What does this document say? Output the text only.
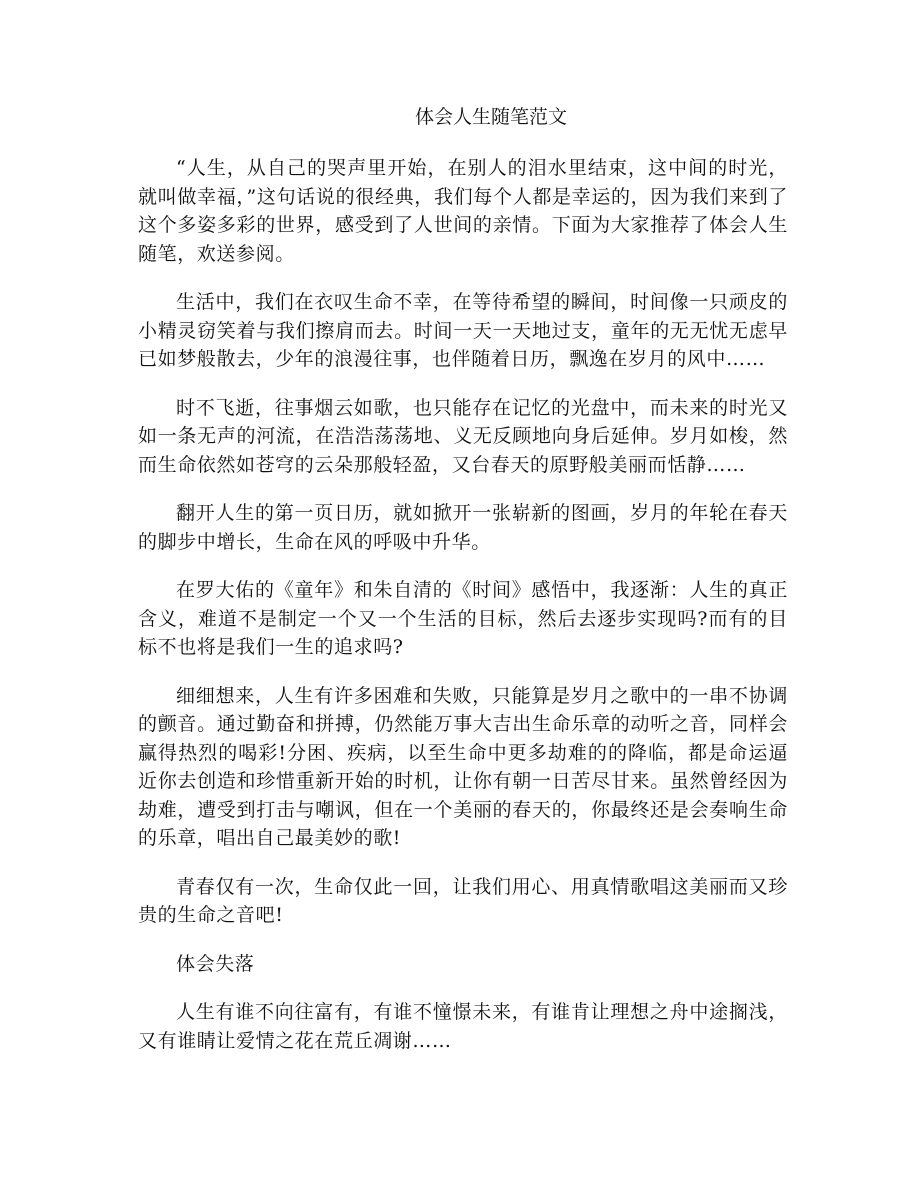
体会人生随笔范文

“人生，从自己的哭声里开始，在别人的泪水里结束，这中间的时光，就叫做幸福，”这句话说的很经典，我们每个人都是幸运的，因为我们来到了这个多姿多彩的世界，感受到了人世间的亲情。下面为大家推荐了体会人生随笔，欢送参阅。

生活中，我们在衣叹生命不幸，在等待希望的瞬间，时间像一只顽皮的小精灵窃笑着与我们擦肩而去。时间一天一天地过支，童年的无无忧无虑早已如梦般散去，少年的浪漫往事，也伴随着日历，飘逸在岁月的风中……

时不飞逝，往事烟云如歌，也只能存在记忆的光盘中，而未来的时光又如一条无声的河流，在浩浩荡荡地、义无反顾地向身后延伸。岁月如梭，然而生命依然如苍穹的云朵那般轻盈，又台春天的原野般美丽而恬静……

翻开人生的第一页日历，就如掀开一张崭新的图画，岁月的年轮在春天的脚步中增长，生命在风的呼吸中升华。

在罗大佑的《童年》和朱自清的《时间》感悟中，我逐渐：人生的真正含义，难道不是制定一个又一个生活的目标，然后去逐步实现吗?而有的目标不也将是我们一生的追求吗?

细细想来，人生有许多困难和失败，只能算是岁月之歌中的一串不协调的颤音。通过勤奋和拼搏，仍然能万事大吉出生命乐章的动听之音，同样会赢得热烈的喝彩!分困、疾病，以至生命中更多劫难的的降临，都是命运逼近你去创造和珍惜重新开始的时机，让你有朝一日苦尽甘来。虽然曾经因为劫难，遭受到打击与嘲讽，但在一个美丽的春天的，你最终还是会奏响生命的乐章，唱出自己最美妙的歌!

青春仅有一次，生命仅此一回，让我们用心、用真情歌唱这美丽而又珍贵的生命之音吧!

体会失落

人生有谁不向往富有，有谁不憧憬未来，有谁肯让理想之舟中途搁浅，又有谁睛让爱情之花在荒丘凋谢……
